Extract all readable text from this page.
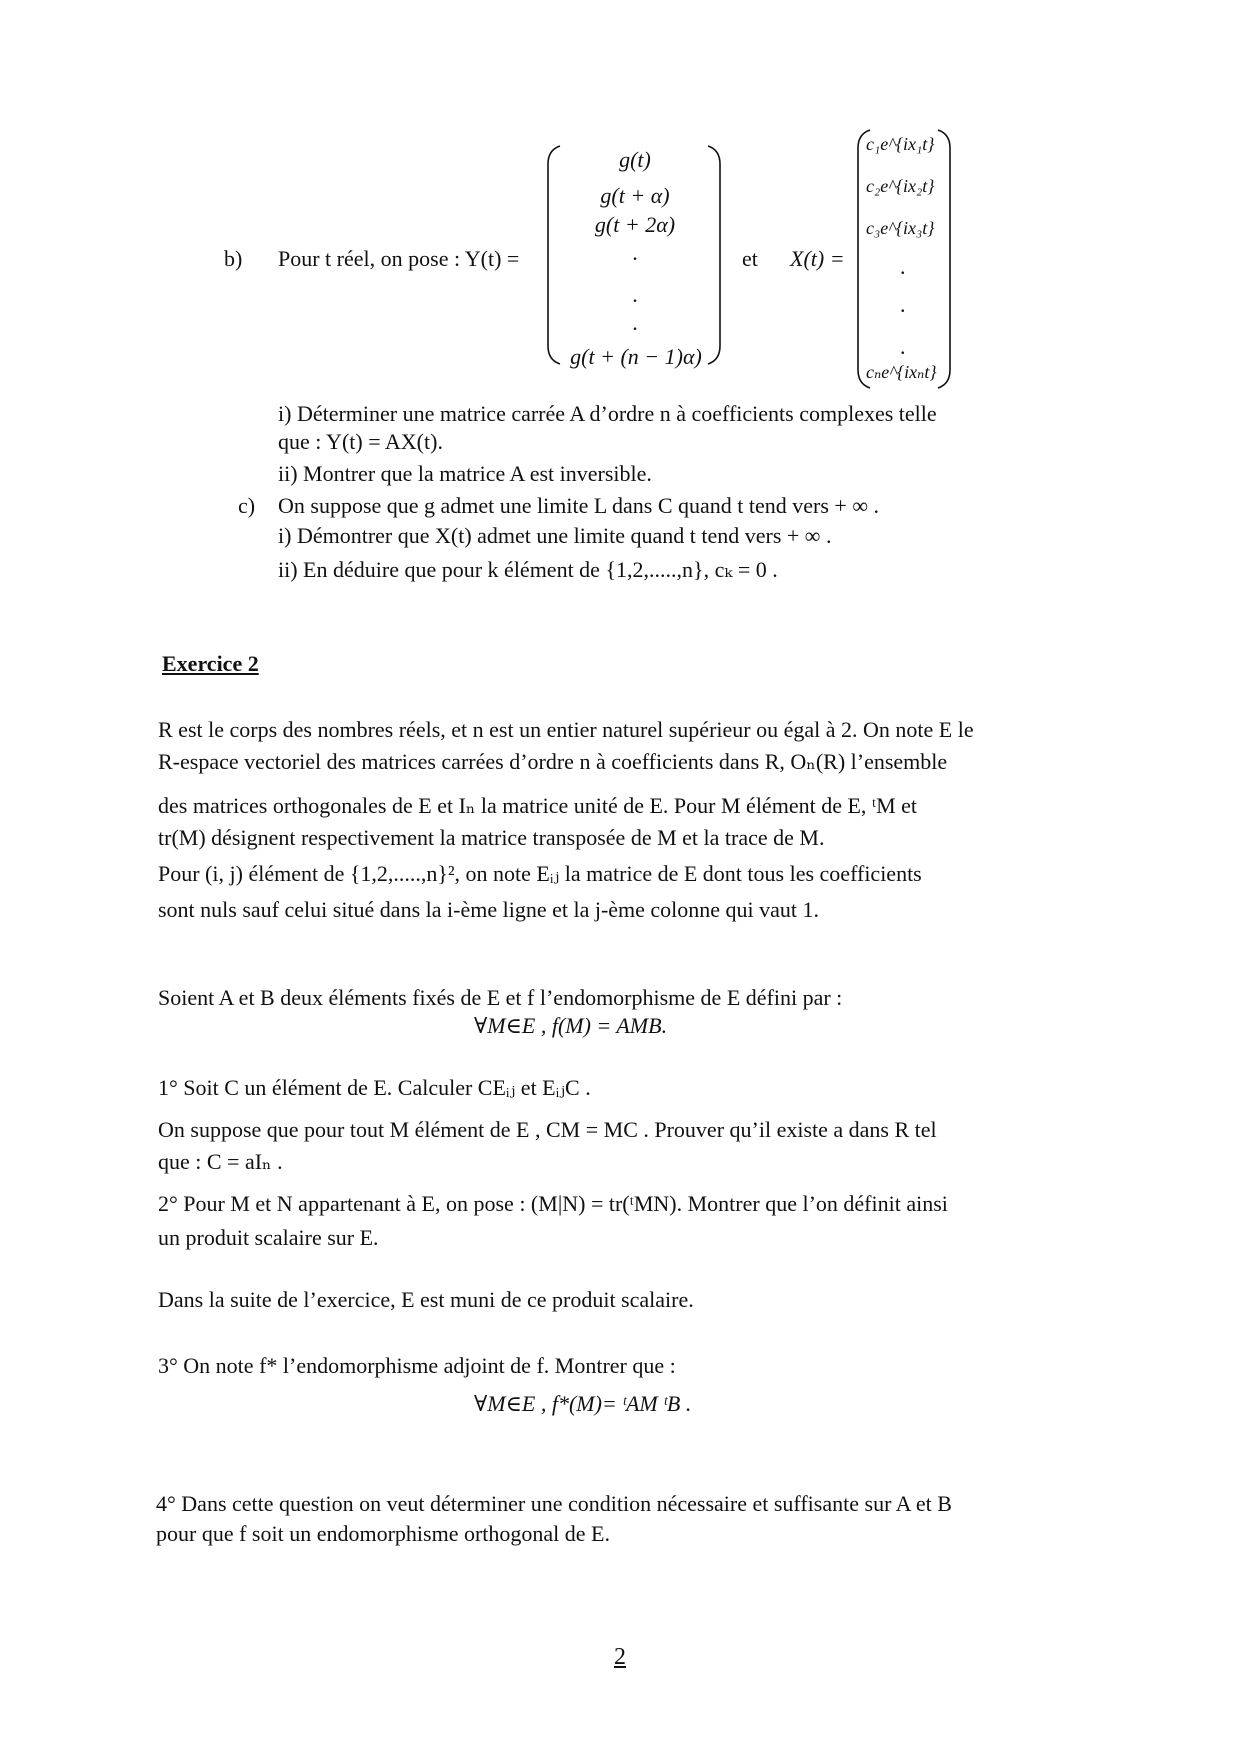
b) Pour t réel, on pose : Y(t) =
g(t)
g(t + α)
g(t + 2α)
.
.
.
g(t + (n − 1)α)
et X(t) =
c₁e^{ix₁t}
c₂e^{ix₂t}
c₃e^{ix₃t}
.
.
.
cₙe^{ixₙt}
i) Déterminer une matrice carrée A d’ordre n à coefficients complexes telle
que : Y(t) = AX(t).
ii) Montrer que la matrice A est inversible.
c) On suppose que g admet une limite L dans C quand t tend vers + ∞ .
i) Démontrer que X(t) admet une limite quand t tend vers + ∞ .
ii) En déduire que pour k élément de {1,2,.....,n}, cₖ = 0 .
Exercice 2
R est le corps des nombres réels, et n est un entier naturel supérieur ou égal à 2. On note E le
R-espace vectoriel des matrices carrées d’ordre n à coefficients dans R, Oₙ(R) l’ensemble
des matrices orthogonales de E et Iₙ la matrice unité de E. Pour M élément de E, ᵗM et
tr(M) désignent respectivement la matrice transposée de M et la trace de M.
Pour (i, j) élément de {1,2,.....,n}², on note Eᵢⱼ la matrice de E dont tous les coefficients
sont nuls sauf celui situé dans la i-ème ligne et la j-ème colonne qui vaut 1.
Soient A et B deux éléments fixés de E et f l’endomorphisme de E défini par :
∀M∈E , f(M) = AMB.
1° Soit C un élément de E. Calculer CEᵢⱼ et EᵢⱼC .
On suppose que pour tout M élément de E , CM = MC . Prouver qu’il existe a dans R tel
que : C = aIₙ .
2° Pour M et N appartenant à E, on pose : (M|N) = tr(ᵗMN). Montrer que l’on définit ainsi
un produit scalaire sur E.
Dans la suite de l’exercice, E est muni de ce produit scalaire.
3° On note f* l’endomorphisme adjoint de f. Montrer que :
∀M∈E , f*(M)= ᵗAM ᵗB .
4° Dans cette question on veut déterminer une condition nécessaire et suffisante sur A et B
pour que f soit un endomorphisme orthogonal de E.
2
